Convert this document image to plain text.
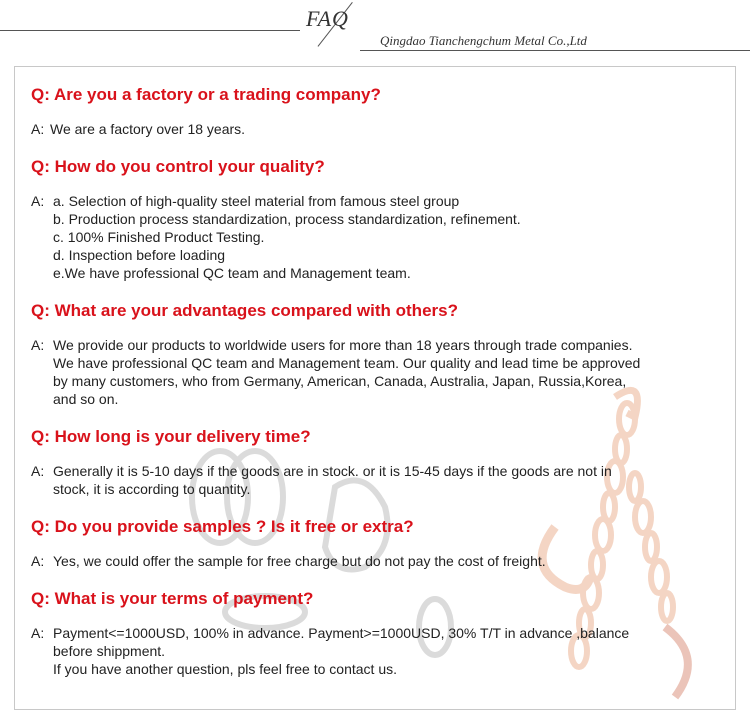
FAQ
Qingdao Tianchengchum Metal Co.,Ltd
Q: Are you a factory or a trading company?
A: We are a factory over 18 years.
Q: How do you control your quality?
A: a. Selection of high-quality steel material from famous steel group
b. Production process standardization, process standardization, refinement.
c. 100% Finished Product Testing.
d. Inspection before loading
e.We have professional QC team and Management team.
Q: What are your advantages compared with others?
A: We provide our products to worldwide users for more than 18 years through trade companies.
We have professional QC team and Management team. Our quality and lead time be approved
by many customers, who from Germany, American, Canada, Australia, Japan, Russia,Korea,
and so on.
Q: How long is your delivery time?
A: Generally it is 5-10 days if the goods are in stock. or it is 15-45 days if the goods are not in
stock, it is according to quantity.
Q: Do you provide samples ? Is it free or extra?
A: Yes, we could offer the sample for free charge but do not pay the cost of freight.
Q: What is your terms of payment?
A: Payment<=1000USD, 100% in advance. Payment>=1000USD, 30% T/T in advance ,balance
before shippment.
If you have another question, pls feel free to contact us.
